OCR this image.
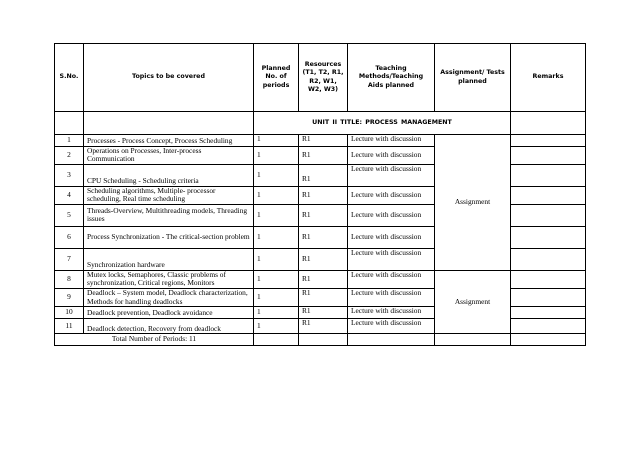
S.No.	Topics to be covered	Planned No. of periods	Resources (T1, T2, R1, R2, W1, W2, W3)	Teaching Methods/Teaching Aids planned	Assignment/ Tests planned	Remarks
		UNIT II TITLE: PROCESS MANAGEMENT				
1	Processes - Process Concept, Process Scheduling	1	R1	Lecture with discussion	Assignment	
2	Operations on Processes, Inter-process Communication	1	R1	Lecture with discussion		
3	CPU Scheduling - Scheduling criteria	1	R1	Lecture with discussion		
4	Scheduling algorithms, Multiple- processor scheduling, Real time scheduling	1	R1	Lecture with discussion		
5	Threads-Overview, Multithreading models, Threading issues	1	R1	Lecture with discussion		
6	Process Synchronization - The critical-section problem	1	R1	Lecture with discussion		
7	Synchronization hardware	1	R1	Lecture with discussion		
8	Mutex locks, Semaphores, Classic problems of synchronization, Critical regions, Monitors	1	R1	Lecture with discussion	Assignment	
9	Deadlock – System model, Deadlock characterization, Methods for handling deadlocks	1	R1	Lecture with discussion		
10	Deadlock prevention, Deadlock avoidance	1	R1	Lecture with discussion		
11	Deadlock detection, Recovery from deadlock	1	R1	Lecture with discussion		
Total Number of Periods: 11						
